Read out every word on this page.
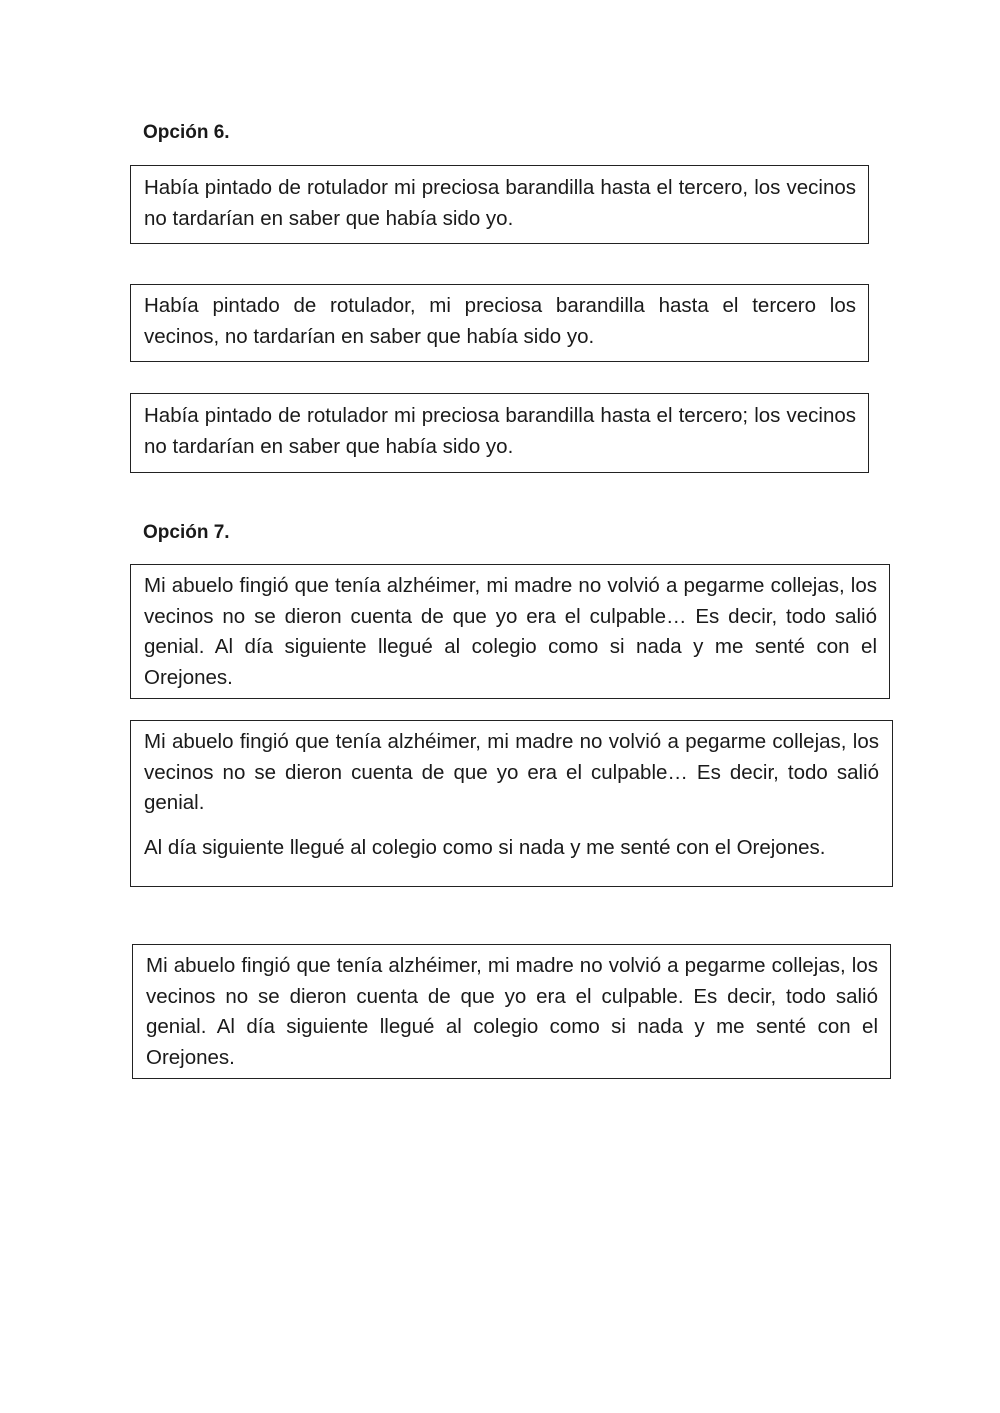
Opción 6.

Había pintado de rotulador mi preciosa barandilla hasta el tercero, los vecinos no tardarían en saber que había sido yo.

Había pintado de rotulador, mi preciosa barandilla hasta el tercero los vecinos, no tardarían en saber que había sido yo.

Había pintado de rotulador mi preciosa barandilla hasta el tercero; los vecinos no tardarían en saber que había sido yo.

Opción 7.

Mi abuelo fingió que tenía alzhéimer, mi madre no volvió a pegarme collejas, los vecinos no se dieron cuenta de que yo era el culpable… Es decir, todo salió genial. Al día siguiente llegué al colegio como si nada y me senté con el Orejones.

Mi abuelo fingió que tenía alzhéimer, mi madre no volvió a pegarme collejas, los vecinos no se dieron cuenta de que yo era el culpable… Es decir, todo salió genial.

Al día siguiente llegué al colegio como si nada y me senté con el Orejones.

Mi abuelo fingió que tenía alzhéimer, mi madre no volvió a pegarme collejas, los vecinos no se dieron cuenta de que yo era el culpable. Es decir, todo salió genial. Al día siguiente llegué al colegio como si nada y me senté con el Orejones.
